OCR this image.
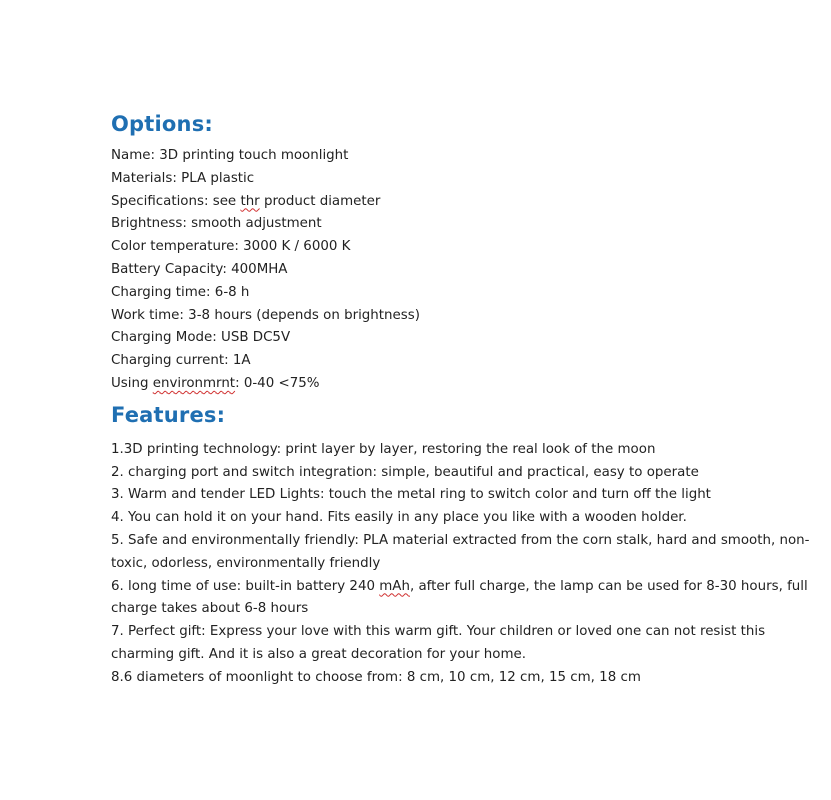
Options:
Name: 3D printing touch moonlight
Materials: PLA plastic
Specifications: see thr product diameter
Brightness: smooth adjustment
Color temperature: 3000 K / 6000 K
Battery Capacity: 400MHA
Charging time: 6-8 h
Work time: 3-8 hours (depends on brightness)
Charging Mode: USB DC5V
Charging current: 1A
Using environmrnt: 0-40 <75%
Features:
1.3D printing technology: print layer by layer, restoring the real look of the moon
2. charging port and switch integration: simple, beautiful and practical, easy to operate
3. Warm and tender LED Lights: touch the metal ring to switch color and turn off the light
4. You can hold it on your hand. Fits easily in any place you like with a wooden holder.
5. Safe and environmentally friendly: PLA material extracted from the corn stalk, hard and smooth, non-toxic, odorless, environmentally friendly
6. long time of use: built-in battery 240 mAh, after full charge, the lamp can be used for 8-30 hours, full charge takes about 6-8 hours
7. Perfect gift: Express your love with this warm gift. Your children or loved one can not resist this charming gift. And it is also a great decoration for your home.
8.6 diameters of moonlight to choose from: 8 cm, 10 cm, 12 cm, 15 cm, 18 cm
